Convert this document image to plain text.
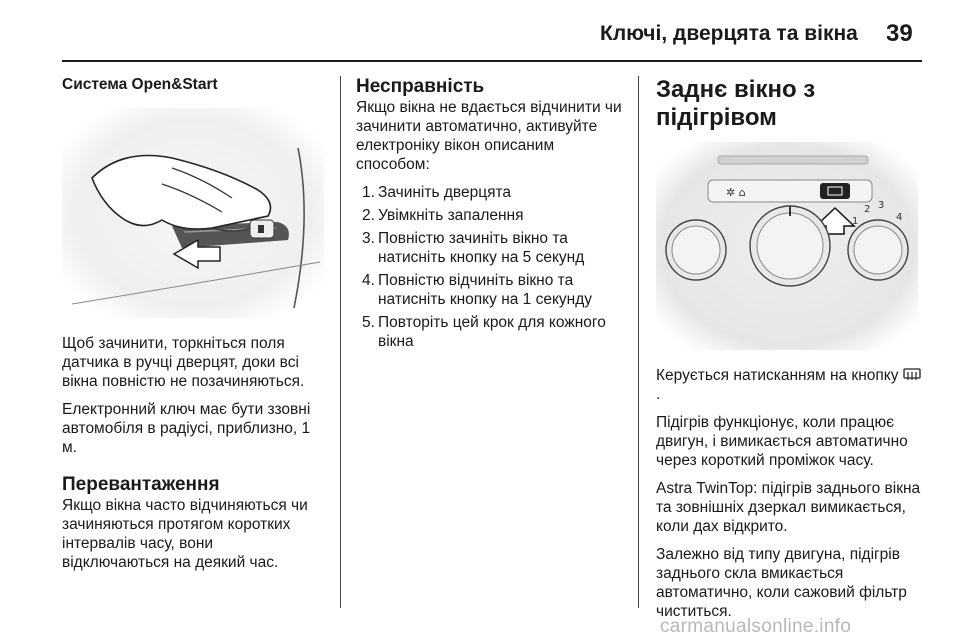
Ключі, дверцята та вікна 39
Система Open&Start

Щоб зачинити, торкніться поля датчика в ручці дверцят, доки всі вікна повністю не позачиняються.

Електронний ключ має бути ззовні автомобіля в радіусі, приблизно, 1 м.

Перевантаження

Якщо вікна часто відчиняються чи зачиняються протягом коротких інтервалів часу, вони відключаються на деякий час.

Несправність

Якщо вікна не вдається відчинити чи зачинити автоматично, активуйте електроніку вікон описаним способом:

1. Зачиніть дверцята
2. Увімкніть запалення
3. Повністю зачиніть вікно та натисніть кнопку на 5 секунд
4. Повністю відчиніть вікно та натисніть кнопку на 1 секунду
5. Повторіть цей крок для кожного вікна
Заднє вікно з підігрівом
✲ ⌂
2 3
4
1

Керується натисканням на кнопку .

Підігрів функціонує, коли працює двигун, і вимикається автоматично через короткий проміжок часу.

Astra TwinTop: підігрів заднього вікна та зовнішніх дзеркал вимикається, коли дах відкрито.

Залежно від типу двигуна, підігрів заднього скла вмикається автоматично, коли сажовий фільтр чиститься.

carmanualsonline.info
